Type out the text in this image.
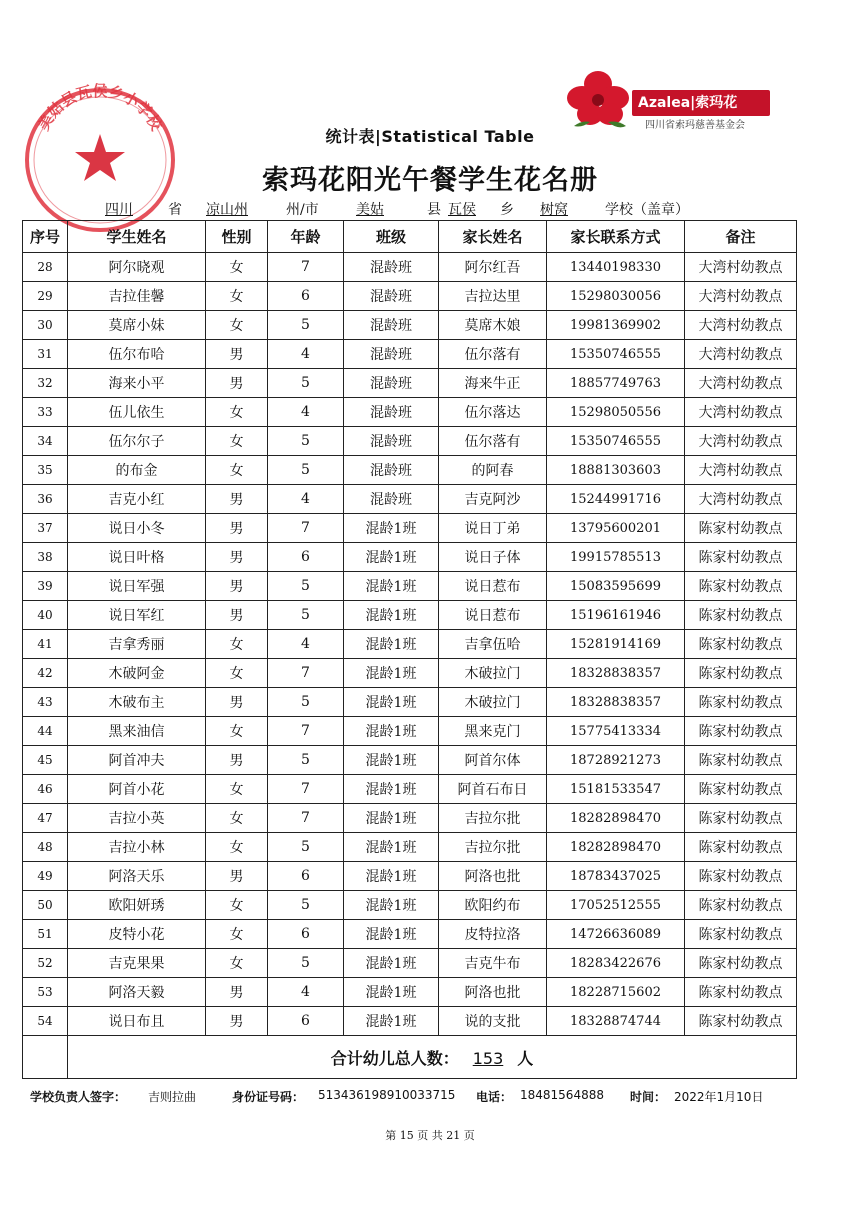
美姑县瓦侯乡小学校
Azalea|索玛花
四川省索玛慈善基金会
统计表|Statistical Table
索玛花阳光午餐学生花名册
四川	省 凉山州	州/市	美姑	县 瓦侯 乡 树窝	学校（盖章）
序号	学生姓名	性别	年龄	班级	家长姓名	家长联系方式	备注
28	阿尔晓观	女	7	混龄班	阿尔红吾	13440198330	大湾村幼教点
29	吉拉佳馨	女	6	混龄班	吉拉达里	15298030056	大湾村幼教点
30	莫席小妹	女	5	混龄班	莫席木娘	19981369902	大湾村幼教点
31	伍尔布哈	男	4	混龄班	伍尔落有	15350746555	大湾村幼教点
32	海来小平	男	5	混龄班	海来牛正	18857749763	大湾村幼教点
33	伍儿依生	女	4	混龄班	伍尔落达	15298050556	大湾村幼教点
34	伍尔尔子	女	5	混龄班	伍尔落有	15350746555	大湾村幼教点
35	的布金	女	5	混龄班	的阿春	18881303603	大湾村幼教点
36	吉克小红	男	4	混龄班	吉克阿沙	15244991716	大湾村幼教点
37	说日小冬	男	7	混龄1班	说日丁弟	13795600201	陈家村幼教点
38	说日叶格	男	6	混龄1班	说日子体	19915785513	陈家村幼教点
39	说日军强	男	5	混龄1班	说日惹布	15083595699	陈家村幼教点
40	说日军红	男	5	混龄1班	说日惹布	15196161946	陈家村幼教点
41	吉拿秀丽	女	4	混龄1班	吉拿伍哈	15281914169	陈家村幼教点
42	木破阿金	女	7	混龄1班	木破拉门	18328838357	陈家村幼教点
43	木破布主	男	5	混龄1班	木破拉门	18328838357	陈家村幼教点
44	黑来油信	女	7	混龄1班	黑来克门	15775413334	陈家村幼教点
45	阿首冲夫	男	5	混龄1班	阿首尔体	18728921273	陈家村幼教点
46	阿首小花	女	7	混龄1班	阿首石布日	15181533547	陈家村幼教点
47	吉拉小英	女	7	混龄1班	吉拉尔批	18282898470	陈家村幼教点
48	吉拉小林	女	5	混龄1班	吉拉尔批	18282898470	陈家村幼教点
49	阿洛天乐	男	6	混龄1班	阿洛也批	18783437025	陈家村幼教点
50	欧阳妍琇	女	5	混龄1班	欧阳约布	17052512555	陈家村幼教点
51	皮特小花	女	6	混龄1班	皮特拉洛	14726636089	陈家村幼教点
52	吉克果果	女	5	混龄1班	吉克牛布	18283422676	陈家村幼教点
53	阿洛天毅	男	4	混龄1班	阿洛也批	18228715602	陈家村幼教点
54	说日布且	男	6	混龄1班	说的支批	18328874744	陈家村幼教点
	合计幼儿总人数： 153 人						
学校负责人签字： 吉则拉曲	身份证号码： 513436198910033715 电话： 18481564888 时间： 2022年1月10日
第 15 页 共 21 页
